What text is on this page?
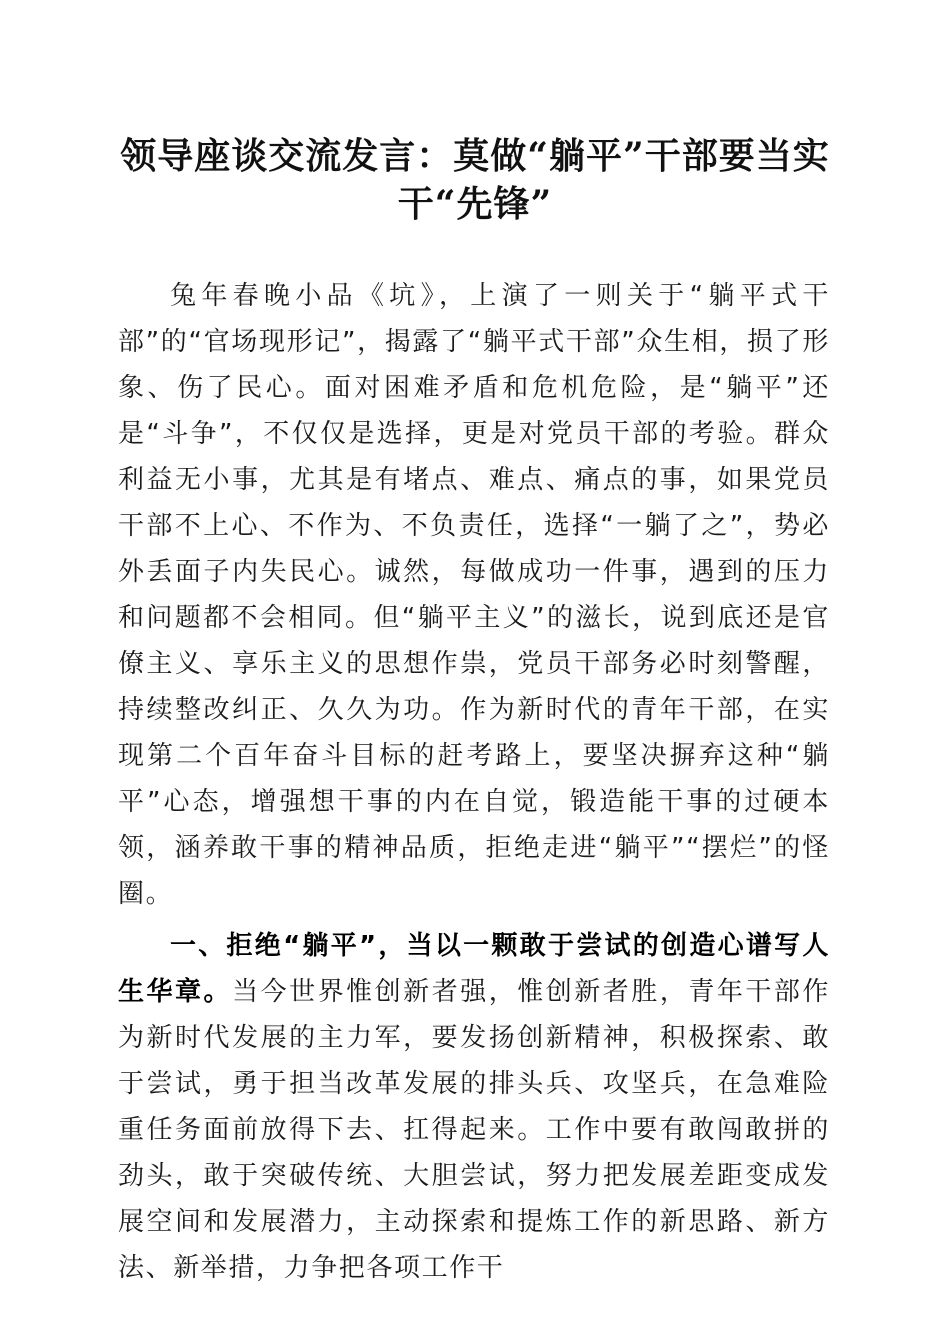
领导座谈交流发言：莫做“躺平”干部要当实干“先锋”

兔年春晚小品《坑》，上演了一则关于“躺平式干部”的“官场现形记”，揭露了“躺平式干部”众生相，损了形象、伤了民心。面对困难矛盾和危机危险，是“躺平”还是“斗争”，不仅仅是选择，更是对党员干部的考验。群众利益无小事，尤其是有堵点、难点、痛点的事，如果党员干部不上心、不作为、不负责任，选择“一躺了之”，势必外丢面子内失民心。诚然，每做成功一件事，遇到的压力和问题都不会相同。但“躺平主义”的滋长，说到底还是官僚主义、享乐主义的思想作祟，党员干部务必时刻警醒，持续整改纠正、久久为功。作为新时代的青年干部，在实现第二个百年奋斗目标的赶考路上，要坚决摒弃这种“躺平”心态，增强想干事的内在自觉，锻造能干事的过硬本领，涵养敢干事的精神品质，拒绝走进“躺平”“摆烂”的怪圈。

一、拒绝“躺平”，当以一颗敢于尝试的创造心谱写人生华章。当今世界惟创新者强，惟创新者胜，青年干部作为新时代发展的主力军，要发扬创新精神，积极探索、敢于尝试，勇于担当改革发展的排头兵、攻坚兵，在急难险重任务面前放得下去、扛得起来。工作中要有敢闯敢拼的劲头，敢于突破传统、大胆尝试，努力把发展差距变成发展空间和发展潜力，主动探索和提炼工作的新思路、新方法、新举措，力争把各项工作干
